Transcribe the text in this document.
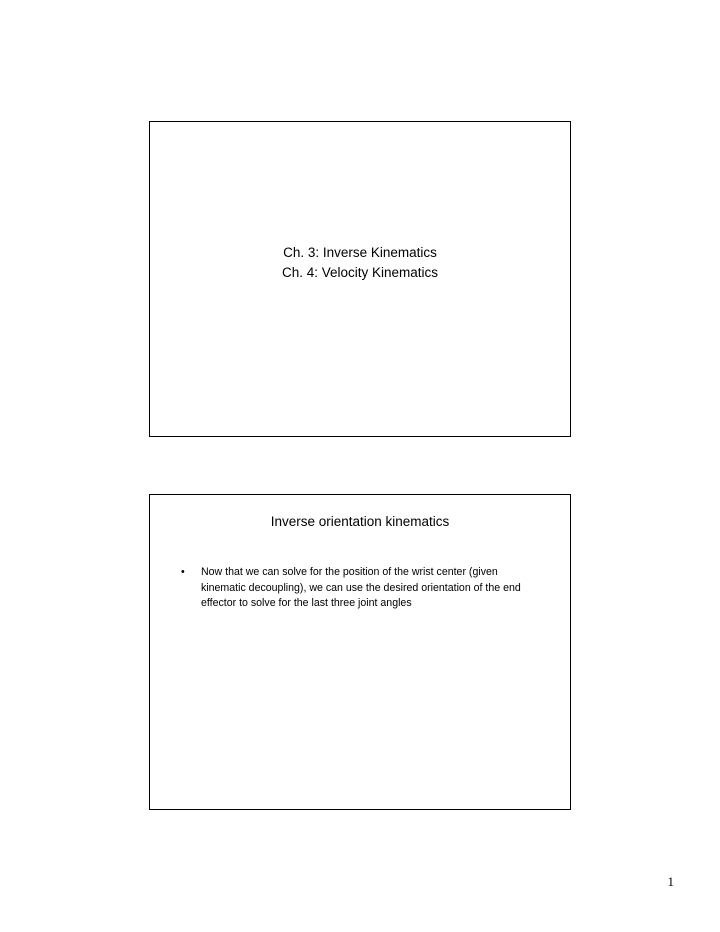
Ch. 3: Inverse Kinematics
Ch. 4: Velocity Kinematics
Inverse orientation kinematics
• Now that we can solve for the position of the wrist center (given kinematic decoupling), we can use the desired orientation of the end effector to solve for the last three joint angles
1
